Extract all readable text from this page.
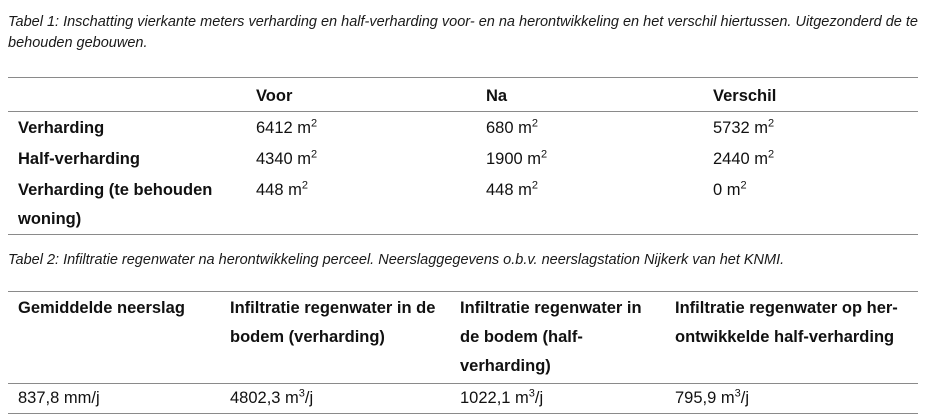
Tabel 1: Inschatting vierkante meters verharding en half-verharding voor- en na herontwikkeling en het verschil hiertussen. Uitgezonderd de te behouden gebouwen.

	Voor	Na	Verschil
Verharding	6412 $m^2$	680 $m^2$	5732 $m^2$
Half-verharding	4340 $m^2$	1900 $m^2$	2440 $m^2$
Verharding (te behouden woning)	448 $m^2$	448 $m^2$	0 $m^2$

Tabel 2: Infiltratie regenwater na herontwikkeling perceel. Neerslaggegevens o.b.v. neerslagstation Nijkerk van het KNMI.

Gemiddelde neerslag	Infiltratie regenwater in de bodem (verharding)	Infiltratie regenwater in de bodem (half-verharding)	Infiltratie regenwater op her-ontwikkelde half-verharding
837,8 mm/j	4802,3 $m^3/j$	1022,1 $m^3/j$	795,9 $m^3/j$
